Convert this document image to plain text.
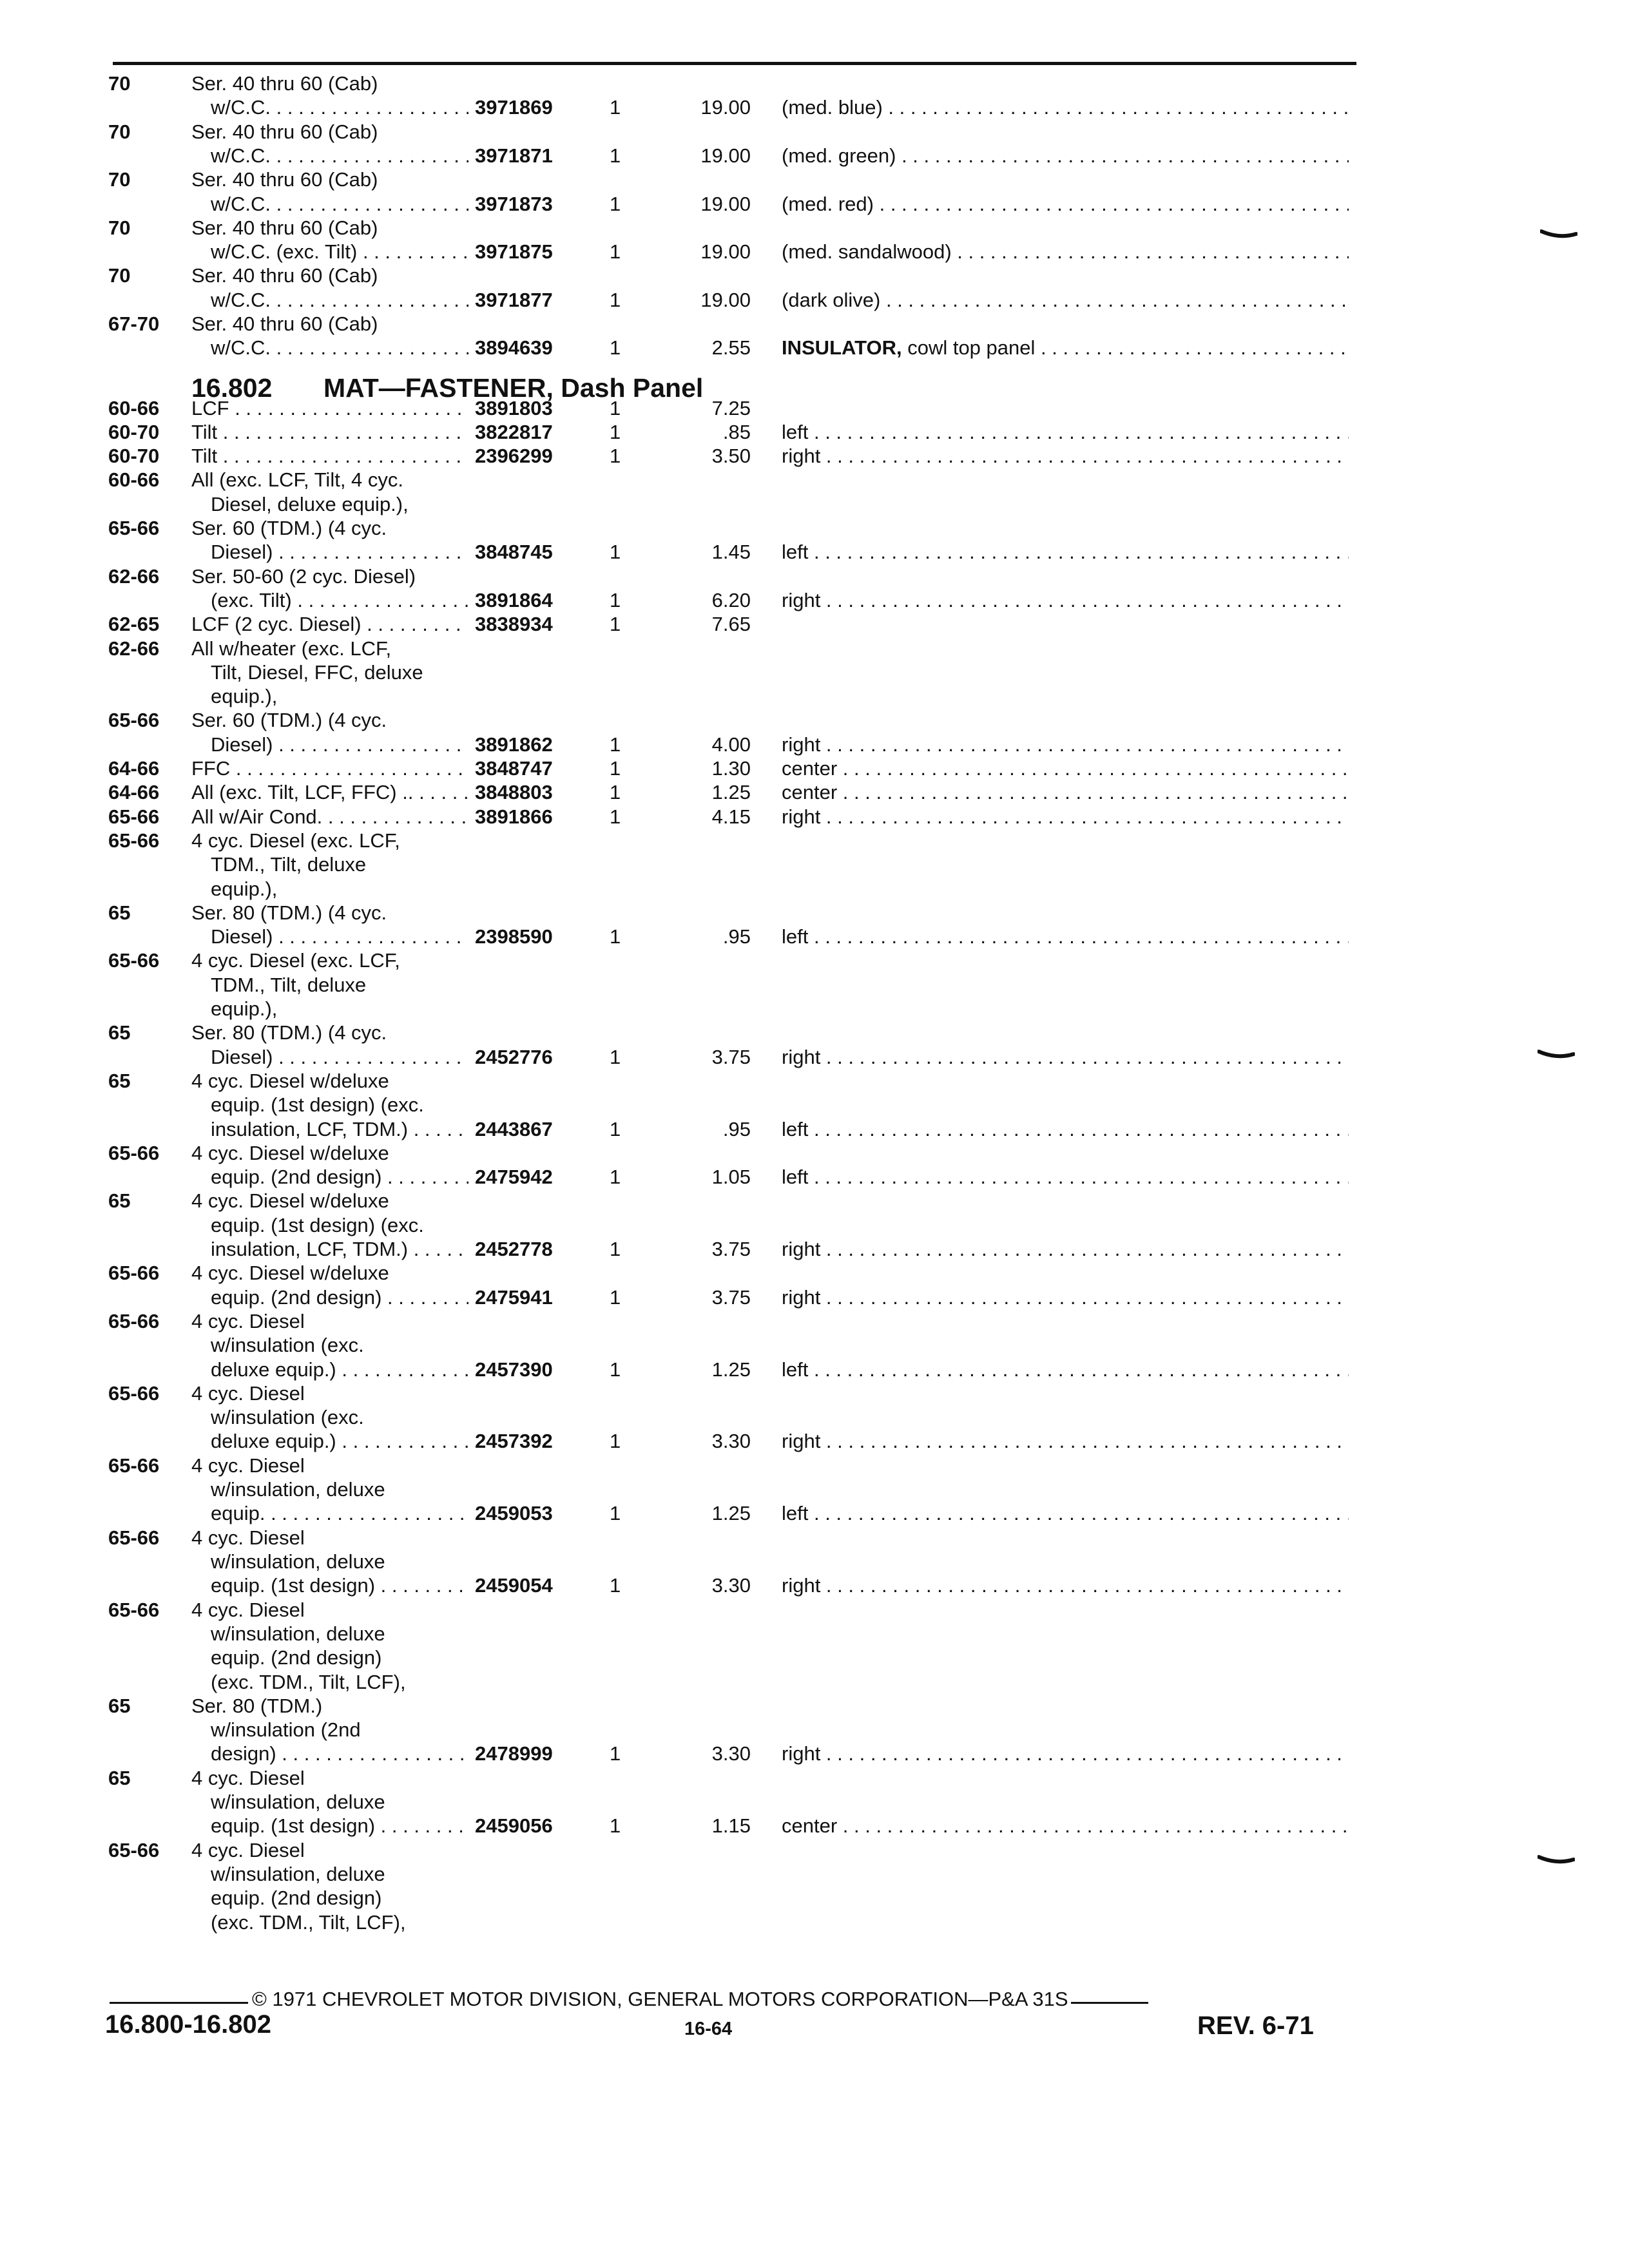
70	Ser. 40 thru 60 (Cab)
w/C.C. . . .	3971869	1	19.00 (med. blue) . . .
70	Ser. 40 thru 60 (Cab)
w/C.C. . . .	3971871	1	19.00 (med. green) . . .
70	Ser. 40 thru 60 (Cab)
w/C.C. . . .	3971873	1	19.00 (med. red) . . .
70	Ser. 40 thru 60 (Cab)
w/C.C. (exc. Tilt) . . .	3971875	1	19.00 (med. sandalwood) . . .
70	Ser. 40 thru 60 (Cab)
w/C.C. . . .	3971877	1	19.00 (dark olive) . . .
67-70 Ser. 40 thru 60 (Cab)
w/C.C. . . .	3894639	1	2.55 INSULATOR, cowl top panel . . .
60-66 LCF . . .	3891803	1	7.25
60-70 Tilt . . .	3822817	1	.85 left . . .
60-70 Tilt . . .	2396299	1	3.50 right . . .
60-66 All (exc. LCF, Tilt, 4 cyc.
Diesel, deluxe equip.),
65-66 Ser. 60 (TDM.) (4 cyc.
Diesel) . . .	3848745	1	1.45 left . . .
62-66 Ser. 50-60 (2 cyc. Diesel)
(exc. Tilt) . . .	3891864	1	6.20 right . . .
62-65 LCF (2 cyc. Diesel) . . .	3838934	1	7.65
62-66 All w/heater (exc. LCF,
Tilt, Diesel, FFC, deluxe
equip.),
65-66 Ser. 60 (TDM.) (4 cyc.
Diesel) . . .	3891862	1	4.00 right . . .
64-66 FFC . . .	3848747	1	1.30 center . . .
64-66 All (exc. Tilt, LCF, FFC) .. . . .	3848803	1	1.25 center . . .
65-66 All w/Air Cond. . . .	3891866	1	4.15 right . . .
65-66 4 cyc. Diesel (exc. LCF,
TDM., Tilt, deluxe
equip.),
65	Ser. 80 (TDM.) (4 cyc.
Diesel) . . .	2398590	1	.95 left . . .
65-66 4 cyc. Diesel (exc. LCF,
TDM., Tilt, deluxe
equip.),
65	Ser. 80 (TDM.) (4 cyc.
Diesel) . . .	2452776	1	3.75 right . . .
65	4 cyc. Diesel w/deluxe
equip. (1st design) (exc.
insulation, LCF, TDM.) . . . .	2443867	1	.95 left . . .
65-66 4 cyc. Diesel w/deluxe
equip. (2nd design) . . .	2475942	1	1.05 left . . .
65	4 cyc. Diesel w/deluxe
equip. (1st design) (exc.
insulation, LCF, TDM.) . . . .	2452778	1	3.75 right . . .
65-66 4 cyc. Diesel w/deluxe
equip. (2nd design) . . .	2475941	1	3.75 right . . .
65-66 4 cyc. Diesel
w/insulation (exc.
deluxe equip.) . . .	2457390	1	1.25 left . . .
65-66 4 cyc. Diesel
w/insulation (exc.
deluxe equip.) . . .	2457392	1	3.30 right . . .
65-66 4 cyc. Diesel
w/insulation, deluxe
equip. . . .	2459053	1	1.25 left . . .
65-66 4 cyc. Diesel
w/insulation, deluxe
equip. (1st design) . . .	2459054	1	3.30 right . . .
65-66 4 cyc. Diesel
w/insulation, deluxe
equip. (2nd design)
(exc. TDM., Tilt, LCF),
65	Ser. 80 (TDM.)
w/insulation (2nd
design) . . .	2478999	1	3.30 right . . .
65	4 cyc. Diesel
w/insulation, deluxe
equip. (1st design) . . .	2459056	1	1.15 center . . .
65-66 4 cyc. Diesel
w/insulation, deluxe
equip. (2nd design)
(exc. TDM., Tilt, LCF),
16.802 MAT—FASTENER, Dash Panel
© 1971 CHEVROLET MOTOR DIVISION, GENERAL MOTORS CORPORATION—P&A 31S
16.800-16.802	16-64	REV. 6-71
